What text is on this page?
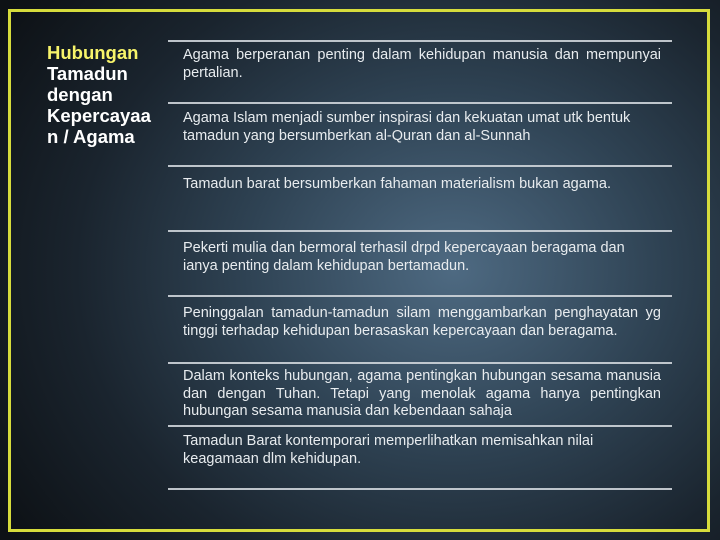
Hubungan
Tamadun
dengan
Kepercayaa
n / Agama
Agama berperanan penting dalam kehidupan manusia dan mempunyai pertalian.
Agama Islam menjadi sumber inspirasi dan kekuatan umat utk bentuk tamadun yang bersumberkan al-Quran dan al-Sunnah
Tamadun barat bersumberkan fahaman materialism bukan agama.
Pekerti mulia dan bermoral terhasil drpd kepercayaan beragama dan ianya penting dalam kehidupan bertamadun.
Peninggalan tamadun-tamadun silam menggambarkan penghayatan yg tinggi terhadap kehidupan berasaskan kepercayaan dan beragama.
Dalam konteks hubungan, agama pentingkan hubungan sesama manusia dan dengan Tuhan. Tetapi yang menolak agama hanya pentingkan hubungan sesama manusia dan kebendaan sahaja
Tamadun Barat kontemporari memperlihatkan memisahkan nilai keagamaan dlm kehidupan.
